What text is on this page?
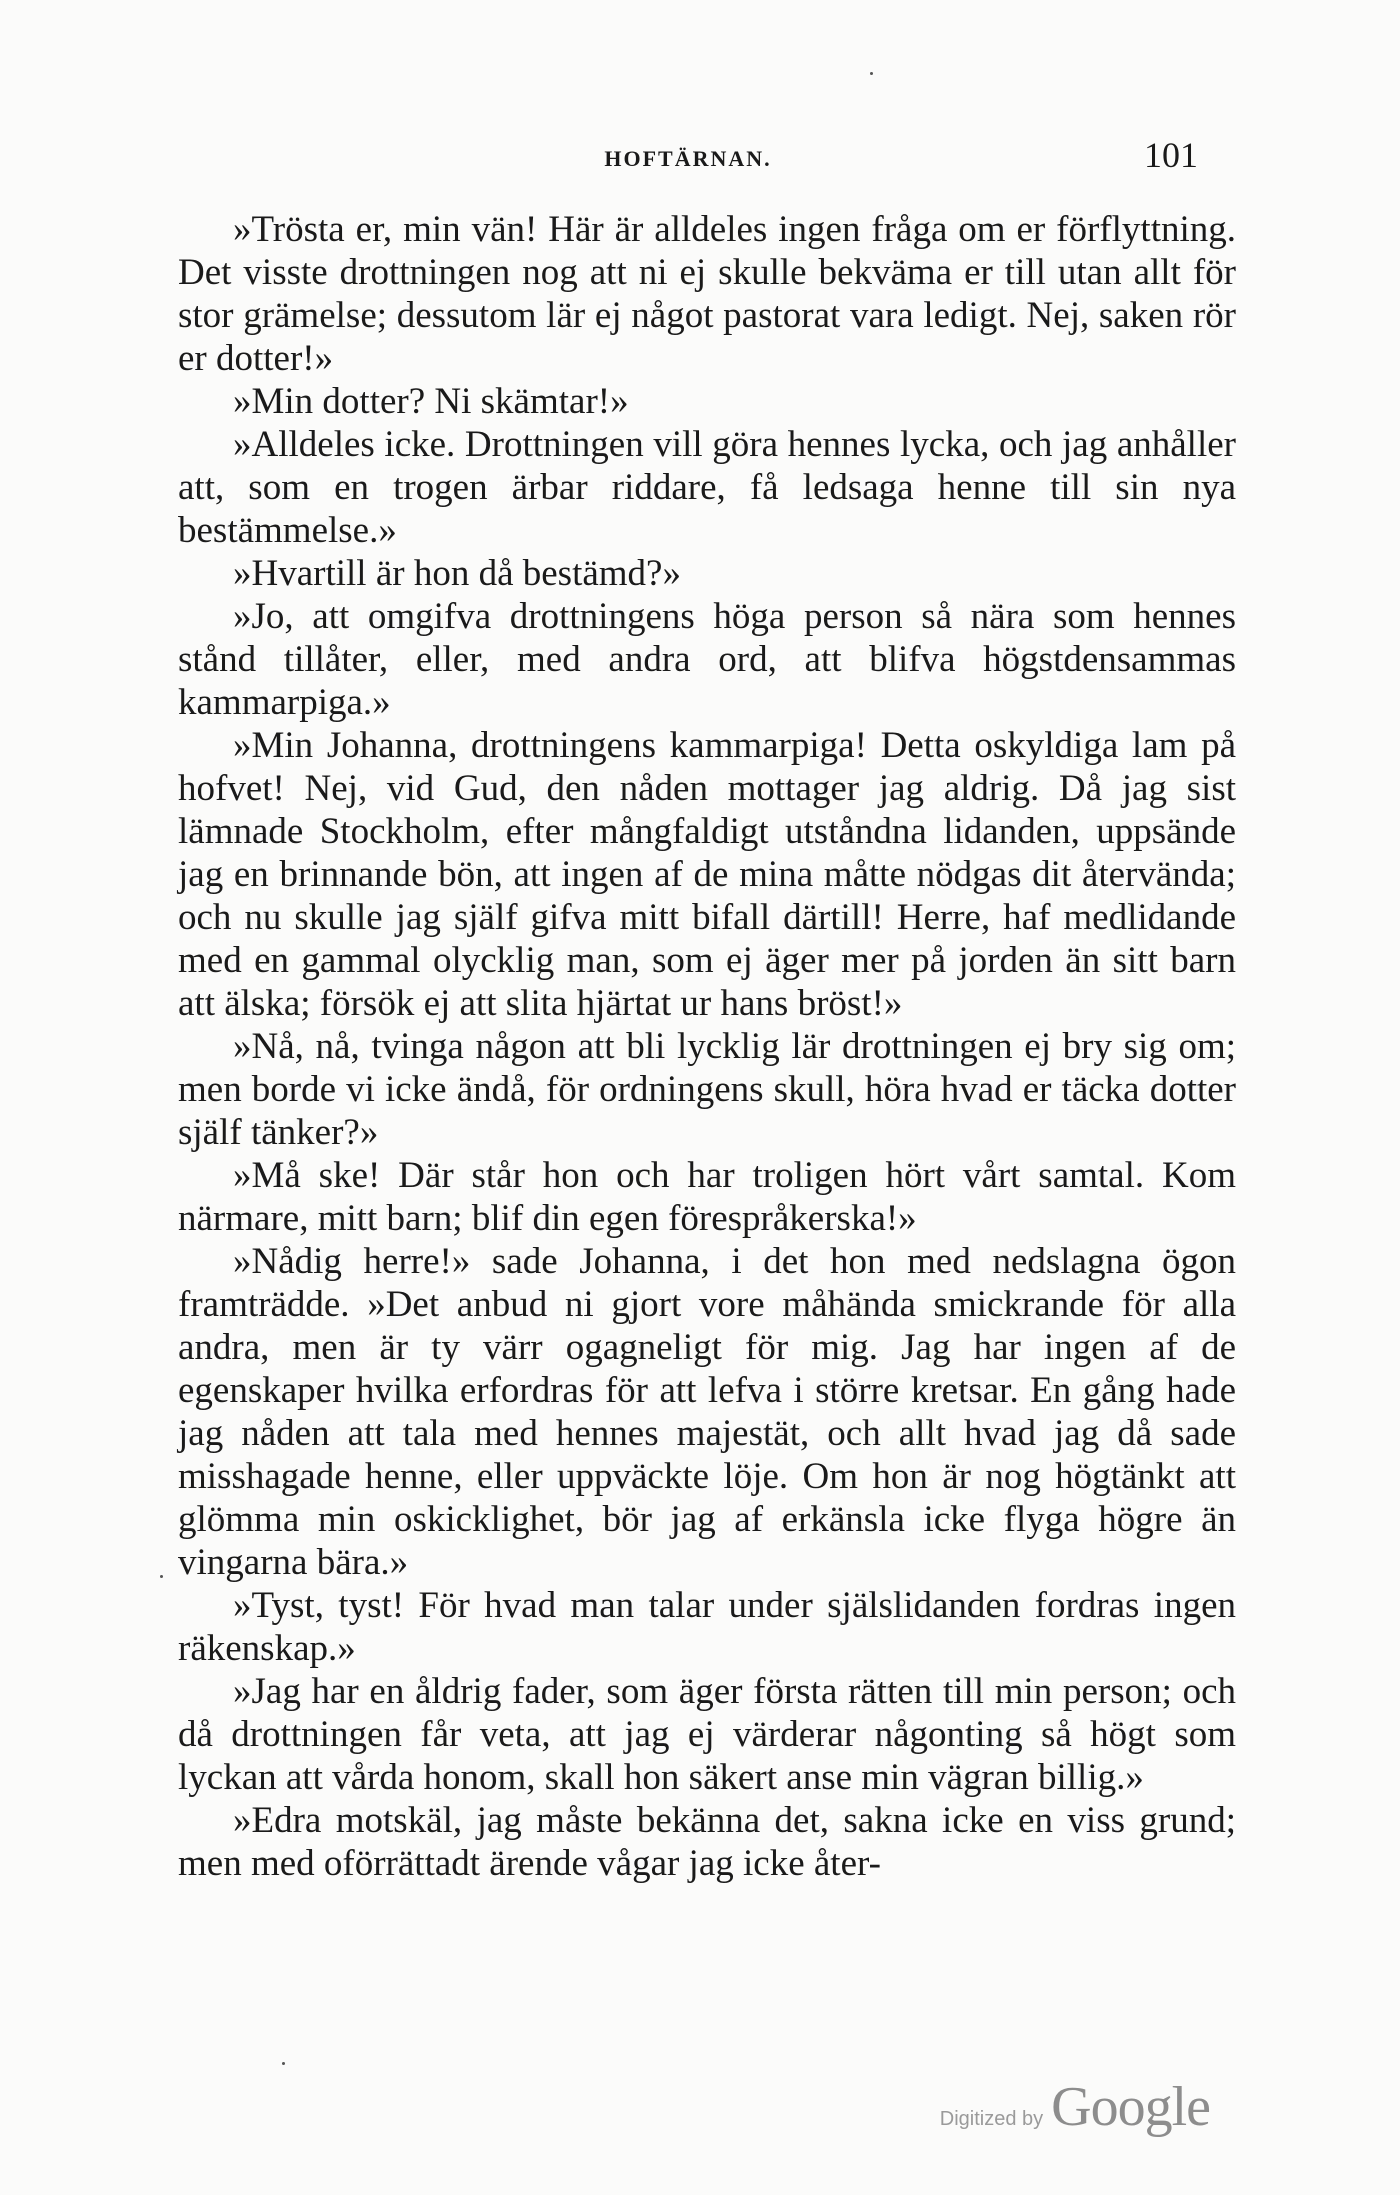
HOFTÄRNAN.	101

»Trösta er, min vän! Här är alldeles ingen fråga om er förflyttning. Det visste drottningen nog att ni ej skulle bekväma er till utan allt för stor grämelse; dessutom lär ej något pastorat vara ledigt. Nej, saken rör er dotter!»

»Min dotter? Ni skämtar!»

»Alldeles icke. Drottningen vill göra hennes lycka, och jag anhåller att, som en trogen ärbar riddare, få ledsaga henne till sin nya bestämmelse.»

»Hvartill är hon då bestämd?»

»Jo, att omgifva drottningens höga person så nära som hennes stånd tillåter, eller, med andra ord, att blifva högstdensammas kammarpiga.»

»Min Johanna, drottningens kammarpiga! Detta oskyldiga lam på hofvet! Nej, vid Gud, den nåden mottager jag aldrig. Då jag sist lämnade Stockholm, efter mångfaldigt utståndna lidanden, uppsände jag en brinnande bön, att ingen af de mina måtte nödgas dit återvända; och nu skulle jag själf gifva mitt bifall därtill! Herre, haf medlidande med en gammal olycklig man, som ej äger mer på jorden än sitt barn att älska; försök ej att slita hjärtat ur hans bröst!»

»Nå, nå, tvinga någon att bli lycklig lär drottningen ej bry sig om; men borde vi icke ändå, för ordningens skull, höra hvad er täcka dotter själf tänker?»

»Må ske! Där står hon och har troligen hört vårt samtal. Kom närmare, mitt barn; blif din egen förespråkerska!»

»Nådig herre!» sade Johanna, i det hon med nedslagna ögon framträdde. »Det anbud ni gjort vore måhända smickrande för alla andra, men är ty värr ogagneligt för mig. Jag har ingen af de egenskaper hvilka erfordras för att lefva i större kretsar. En gång hade jag nåden att tala med hennes majestät, och allt hvad jag då sade misshagade henne, eller uppväckte löje. Om hon är nog högtänkt att glömma min oskicklighet, bör jag af erkänsla icke flyga högre än vingarna bära.»

»Tyst, tyst! För hvad man talar under själslidanden fordras ingen räkenskap.»

»Jag har en åldrig fader, som äger första rätten till min person; och då drottningen får veta, att jag ej värderar någonting så högt som lyckan att vårda honom, skall hon säkert anse min vägran billig.»

»Edra motskäl, jag måste bekänna det, sakna icke en viss grund; men med oförrättadt ärende vågar jag icke åter-

Digitized by Google
